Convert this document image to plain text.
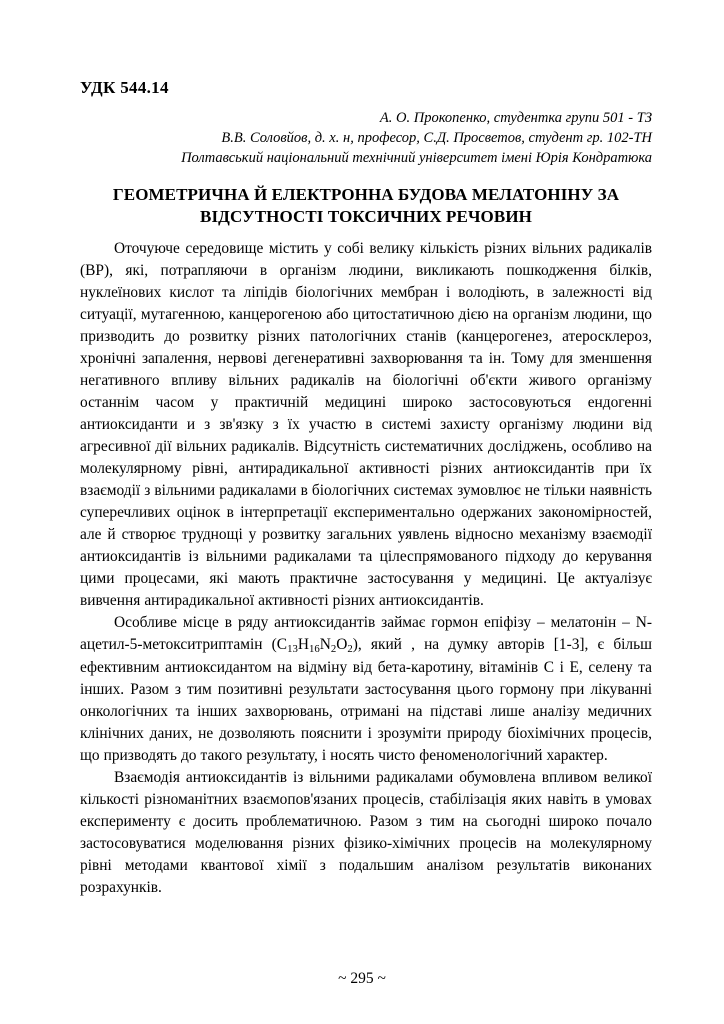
УДК 544.14
А. О. Прокопенко, студентка групи 501 - ТЗ
В.В. Соловйов, д. х. н, професор, С.Д. Просветов, студент гр. 102-ТН
Полтавський національний технічний університет імені Юрія Кондратюка
ГЕОМЕТРИЧНА Й ЕЛЕКТРОННА БУДОВА МЕЛАТОНІНУ ЗА ВІДСУТНОСТІ ТОКСИЧНИХ РЕЧОВИН

Оточуюче середовище містить у собі велику кількість різних вільних радикалів (ВР), які, потрапляючи в організм людини, викликають пошкодження білків, нуклеїнових кислот та ліпідів біологічних мембран і володіють, в залежності від ситуації, мутагенною, канцерогеною або цитостатичною дією на організм людини, що призводить до розвитку різних патологічних станів (канцерогенез, атеросклероз, хронічні запалення, нервові дегенеративні захворювання та ін. Тому для зменшення негативного впливу вільних радикалів на біологічні об'єкти живого організму останнім часом у практичній медицині широко застосовуються ендогенні антиоксиданти и з зв'язку з їх участю в системі захисту організму людини від агресивної дії вільних радикалів. Відсутність систематичних досліджень, особливо на молекулярному рівні, антирадикальної активності різних антиоксидантів при їх взаємодії з вільними радикалами в біологічних системах зумовлює не тільки наявність суперечливих оцінок в інтерпретації експериментально одержаних закономірностей, але й створює труднощі у розвитку загальних уявлень відносно механізму взаємодії антиоксидантів із вільними радикалами та цілеспрямованого підходу до керування цими процесами, які мають практичне застосування у медицині. Це актуалізує вивчення антирадикальної активності різних антиоксидантів.

Особливе місце в ряду антиоксидантів займає гормон епіфізу – мелатонін – N-ацетил-5-метокситриптамін $(C_{13}H_{16}N_2O_2)$, який , на думку авторів [1-3], є більш ефективним антиоксидантом на відміну від бета-каротину, вітамінів С і Е, селену та інших. Разом з тим позитивні результати застосування цього гормону при лікуванні онкологічних та інших захворювань, отримані на підставі лише аналізу медичних клінічних даних, не дозволяють пояснити і зрозуміти природу біохімічних процесів, що призводять до такого результату, і носять чисто феноменологічний характер.

Взаємодія антиоксидантів із вільними радикалами обумовлена впливом великої кількості різноманітних взаємопов'язаних процесів, стабілізація яких навіть в умовах експерименту є досить проблематичною. Разом з тим на сьогодні широко почало застосовуватися моделювання різних фізико-хімічних процесів на молекулярному рівні методами квантової хімії з подальшим аналізом результатів виконаних розрахунків.

~ 295 ~
